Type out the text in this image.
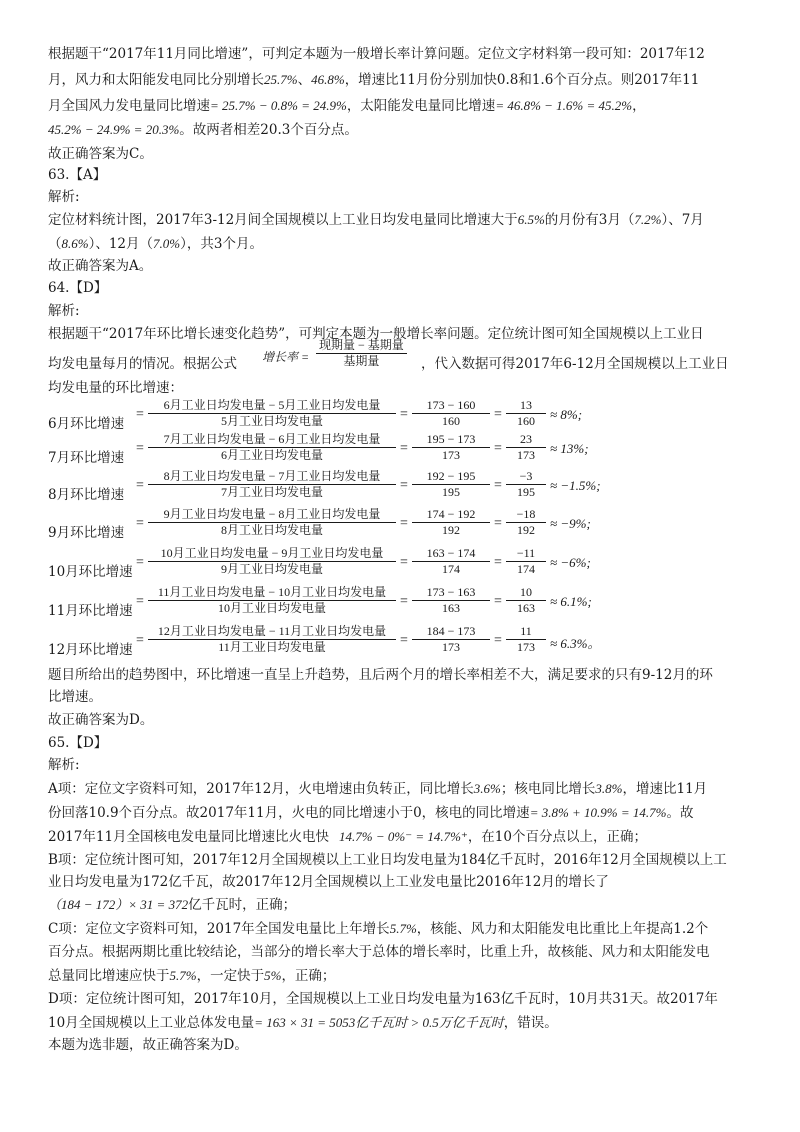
根据题干“2017年11月同比增速”，可判定本题为一般增长率计算问题。定位文字材料第一段可知：2017年12
月，风力和太阳能发电同比分别增长25.7%、46.8%，增速比11月份分别加快0.8和1.6个百分点。则2017年11
月全国风力发电量同比增速= 25.7% − 0.8% = 24.9%，太阳能发电量同比增速= 46.8% − 1.6% = 45.2%，
45.2% − 24.9% = 20.3%。故两者相差20.3个百分点。
故正确答案为C。
63.【A】
解析:
定位材料统计图，2017年3-12月间全国规模以上工业日均发电量同比增速大于6.5%的月份有3月（7.2%）、7月
（8.6%）、12月（7.0%），共3个月。
故正确答案为A。
64.【D】
解析:
根据题干“2017年环比增长速变化趋势”，可判定本题为一般增长率问题。定位统计图可知全国规模以上工业日
均发电量每月的情况。根据公式	，代入数据可得2017年6-12月全国规模以上工业日
增长率 =
现期量 − 基期量
基期量
均发电量的环比增速：
6月环比增速
=
6月工业日均发电量 − 5月工业日均发电量
5月工业日均发电量	=
173 − 160
160 =
13
160 ≈ 8%;
7月环比增速
=
7月工业日均发电量 − 6月工业日均发电量
6月工业日均发电量	=
195 − 173
173 =
23
173 ≈ 13%;
8月环比增速
=
8月工业日均发电量 − 7月工业日均发电量
7月工业日均发电量	=
192 − 195
195 =
−3
195 ≈ −1.5%;
9月环比增速
=
9月工业日均发电量 − 8月工业日均发电量
8月工业日均发电量	=
174 − 192
192 =
−18
192 ≈ −9%;
10月环比增速
=
10月工业日均发电量 − 9月工业日均发电量
9月工业日均发电量	=
163 − 174
174 =
−11
174 ≈ −6%;
11月环比增速
=
11月工业日均发电量 − 10月工业日均发电量
10月工业日均发电量	=
173 − 163
163 =
10
163 ≈ 6.1%;
12月环比增速
=
12月工业日均发电量 − 11月工业日均发电量
11月工业日均发电量	=
184 − 173
173 =
11
173 ≈ 6.3%。
题目所给出的趋势图中，环比增速一直呈上升趋势，且后两个月的增长率相差不大，满足要求的只有9-12月的环
比增速。
故正确答案为D。
65.【D】
解析:
A项：定位文字资料可知，2017年12月，火电增速由负转正，同比增长3.6%；核电同比增长3.8%，增速比11月
份回落10.9个百分点。故2017年11月，火电的同比增速小于0，核电的同比增速= 3.8% + 10.9% = 14.7%。故
2017年11月全国核电发电量同比增速比火电快 14.7% − 0%⁻ = 14.7%⁺，在10个百分点以上，正确；
B项：定位统计图可知，2017年12月全国规模以上工业日均发电量为184亿千瓦时，2016年12月全国规模以上工
业日均发电量为172亿千瓦，故2017年12月全国规模以上工业发电量比2016年12月的增长了
（184 − 172）× 31 = 372亿千瓦时，正确；
C项：定位文字资料可知，2017年全国发电量比上年增长5.7%，核能、风力和太阳能发电比重比上年提高1.2个
百分点。根据两期比重比较结论，当部分的增长率大于总体的增长率时，比重上升，故核能、风力和太阳能发电
总量同比增速应快于5.7%，一定快于5%，正确；
D项：定位统计图可知，2017年10月，全国规模以上工业日均发电量为163亿千瓦时，10月共31天。故2017年
10月全国规模以上工业总体发电量= 163 × 31 = 5053亿千瓦时 > 0.5万亿千瓦时，错误。
本题为选非题，故正确答案为D。
